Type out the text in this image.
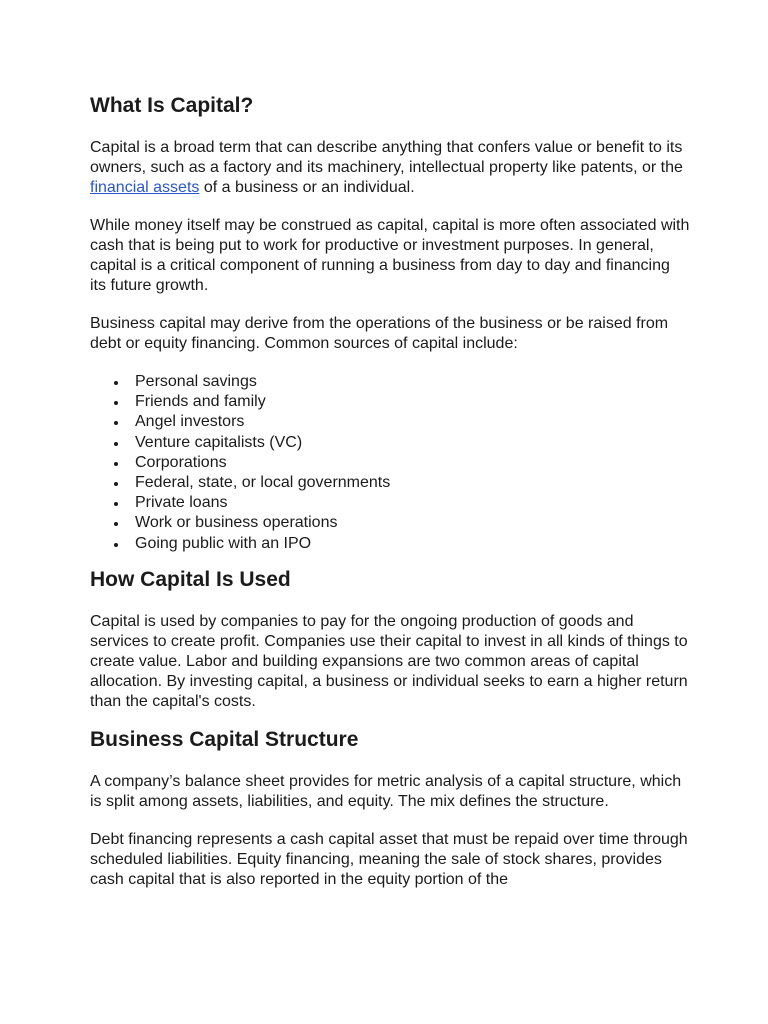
What Is Capital?

Capital is a broad term that can describe anything that confers value or benefit to its owners, such as a factory and its machinery, intellectual property like patents, or the financial assets of a business or an individual.

While money itself may be construed as capital, capital is more often associated with cash that is being put to work for productive or investment purposes. In general, capital is a critical component of running a business from day to day and financing its future growth.

Business capital may derive from the operations of the business or be raised from debt or equity financing. Common sources of capital include:

Personal savings
Friends and family
Angel investors
Venture capitalists (VC)
Corporations
Federal, state, or local governments
Private loans
Work or business operations
Going public with an IPO
How Capital Is Used

Capital is used by companies to pay for the ongoing production of goods and services to create profit. Companies use their capital to invest in all kinds of things to create value. Labor and building expansions are two common areas of capital allocation. By investing capital, a business or individual seeks to earn a higher return than the capital's costs.

Business Capital Structure

A company’s balance sheet provides for metric analysis of a capital structure, which is split among assets, liabilities, and equity. The mix defines the structure.

Debt financing represents a cash capital asset that must be repaid over time through scheduled liabilities. Equity financing, meaning the sale of stock shares, provides cash capital that is also reported in the equity portion of the
